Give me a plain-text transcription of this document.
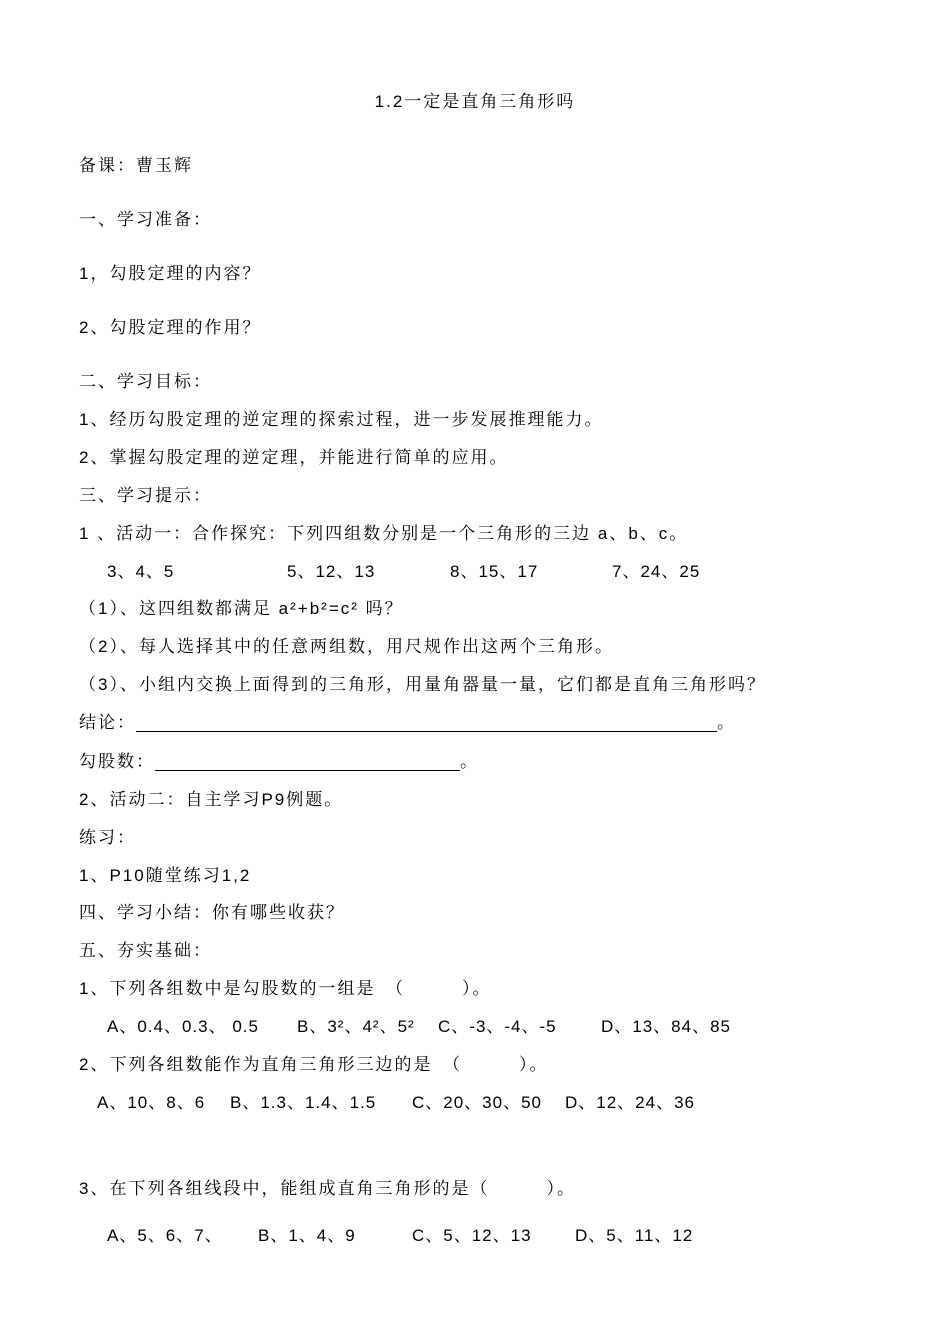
1.2一定是直角三角形吗
备课：曹玉辉
一、学习准备：
1，勾股定理的内容？
2、勾股定理的作用？
二、学习目标：
1、经历勾股定理的逆定理的探索过程，进一步发展推理能力。
2、掌握勾股定理的逆定理，并能进行简单的应用。
三、学习提示：
1 、活动一：合作探究：下列四组数分别是一个三角形的三边 a、b、c。
3、4、5	5、12、13	8、15、17	7、24、25
（1）、这四组数都满足 a²+b²=c² 吗？
（2）、每人选择其中的任意两组数，用尺规作出这两个三角形。
（3）、小组内交换上面得到的三角形，用量角器量一量，它们都是直角三角形吗？
结论：	。
勾股数：	。
2、活动二：自主学习P9例题。
练习：
1、P10随堂练习1,2
四、学习小结：你有哪些收获？
五、夯实基础：
1、下列各组数中是勾股数的一组是　（　　　）。
A、0.4、0.3、 0.5 B、3²、4²、5² C、-3、-4、-5	D、13、84、85
2、下列各组数能作为直角三角形三边的是　（　　　）。
A、10、8、6 B、1.3、1.4、1.5 C、20、30、50 D、12、24、36
3、在下列各组线段中，能组成直角三角形的是（　　　）。
A、5、6、7、 B、1、4、9	C、5、12、13	D、5、11、12
